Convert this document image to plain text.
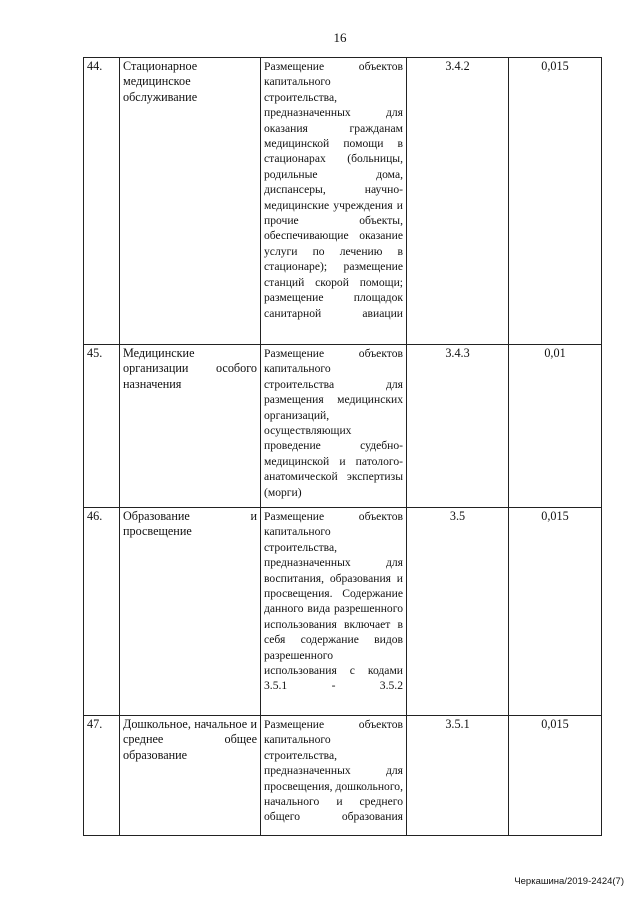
16
44.	Стационарное медицинское обслуживание	Размещение объектов капитального строительства, предназначенных для оказания гражданам медицинской помощи в стационарах (больницы, родильные дома, диспансеры, научно-медицинские учреждения и прочие объекты, обеспечивающие оказание услуги по лечению в стационаре); размещение станций скорой помощи; размещение площадок санитарной авиации	3.4.2	0,015
45.	Медицинские организации особого назначения	Размещение объектов капитального строительства для размещения медицинских организаций, осуществляющих проведение судебно-медицинской и патолого-анатомической экспертизы (морги)	3.4.3	0,01
46.	Образование и просвещение	Размещение объектов капитального строительства, предназначенных для воспитания, образования и просвещения. Содержание данного вида разрешенного использования включает в себя содержание видов разрешенного использования с кодами 3.5.1 - 3.5.2	3.5	0,015
47.	Дошкольное, начальное и среднее общее образование	Размещение объектов капитального строительства, предназначенных для просвещения, дошкольного, начального и среднего общего образования	3.5.1	0,015
Черкашина/2019-2424(7)
